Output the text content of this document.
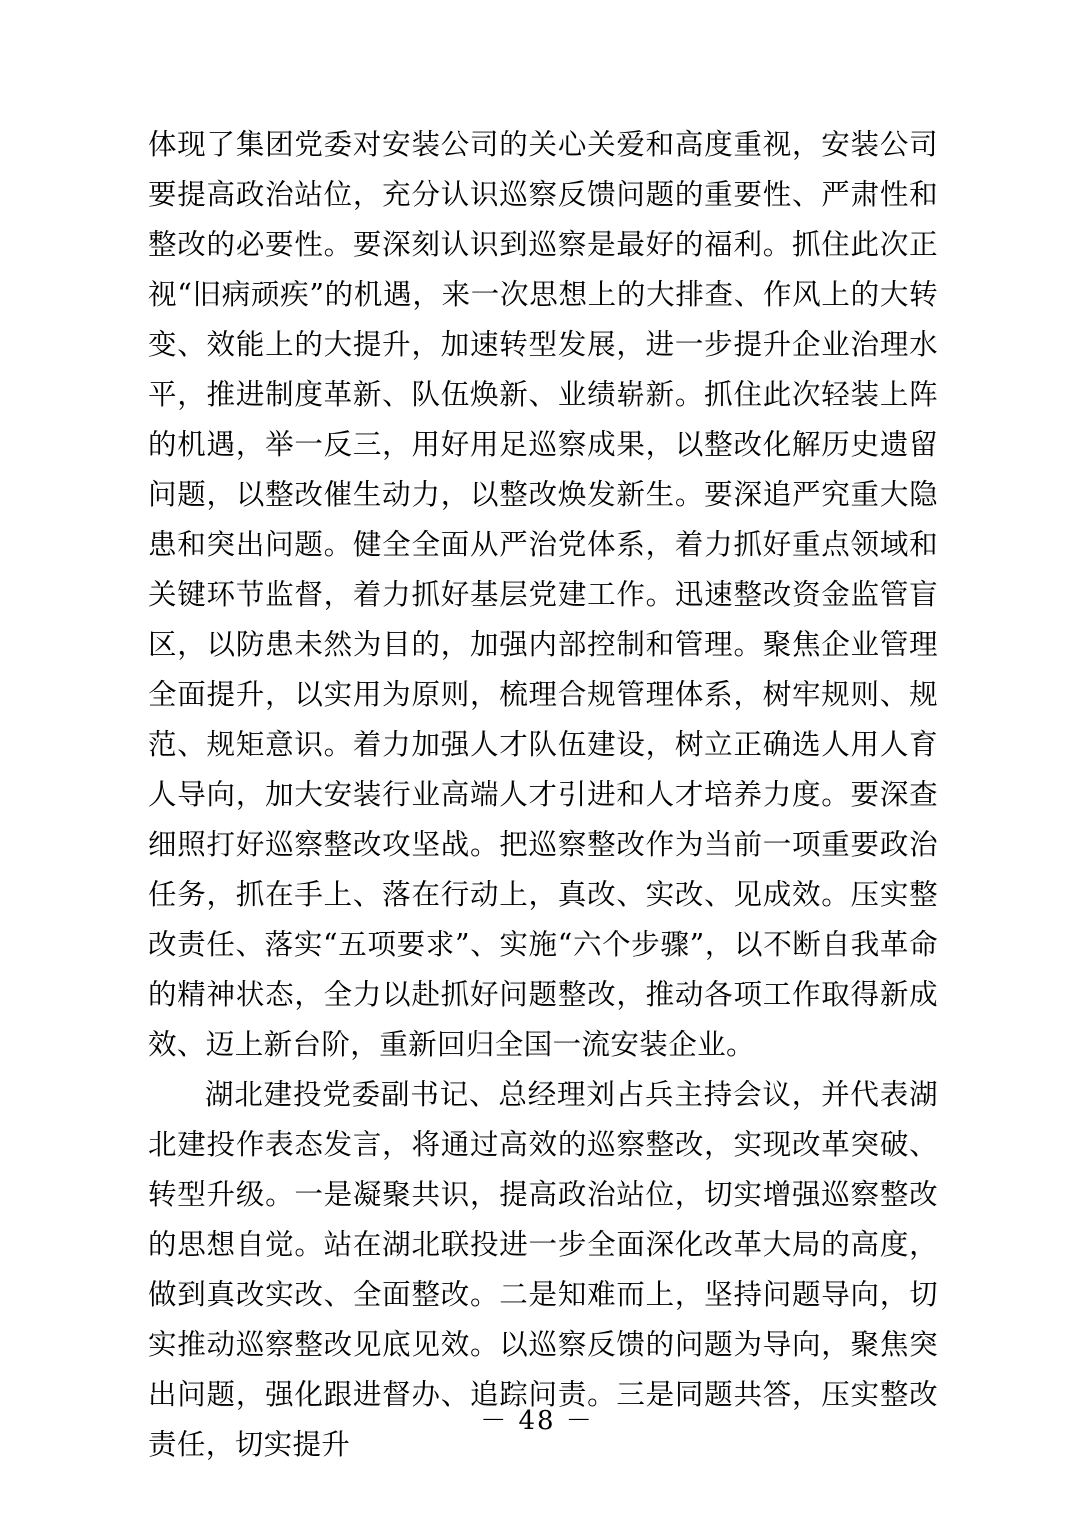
体现了集团党委对安装公司的关心关爱和高度重视，安装公司要提高政治站位，充分认识巡察反馈问题的重要性、严肃性和整改的必要性。要深刻认识到巡察是最好的福利。抓住此次正视“旧病顽疾”的机遇，来一次思想上的大排查、作风上的大转变、效能上的大提升，加速转型发展，进一步提升企业治理水平，推进制度革新、队伍焕新、业绩崭新。抓住此次轻装上阵的机遇，举一反三，用好用足巡察成果，以整改化解历史遗留问题，以整改催生动力，以整改焕发新生。要深追严究重大隐患和突出问题。健全全面从严治党体系，着力抓好重点领域和关键环节监督，着力抓好基层党建工作。迅速整改资金监管盲区，以防患未然为目的，加强内部控制和管理。聚焦企业管理全面提升，以实用为原则，梳理合规管理体系，树牢规则、规范、规矩意识。着力加强人才队伍建设，树立正确选人用人育人导向，加大安装行业高端人才引进和人才培养力度。要深查细照打好巡察整改攻坚战。把巡察整改作为当前一项重要政治任务，抓在手上、落在行动上，真改、实改、见成效。压实整改责任、落实“五项要求”、实施“六个步骤”，以不断自我革命的精神状态，全力以赴抓好问题整改，推动各项工作取得新成效、迈上新台阶，重新回归全国一流安装企业。

湖北建投党委副书记、总经理刘占兵主持会议，并代表湖北建投作表态发言，将通过高效的巡察整改，实现改革突破、转型升级。一是凝聚共识，提高政治站位，切实增强巡察整改的思想自觉。站在湖北联投进一步全面深化改革大局的高度，做到真改实改、全面整改。二是知难而上，坚持问题导向，切实推动巡察整改见底见效。以巡察反馈的问题为导向，聚焦突出问题，强化跟进督办、追踪问责。三是同题共答，压实整改责任，切实提升

－ 48 －
